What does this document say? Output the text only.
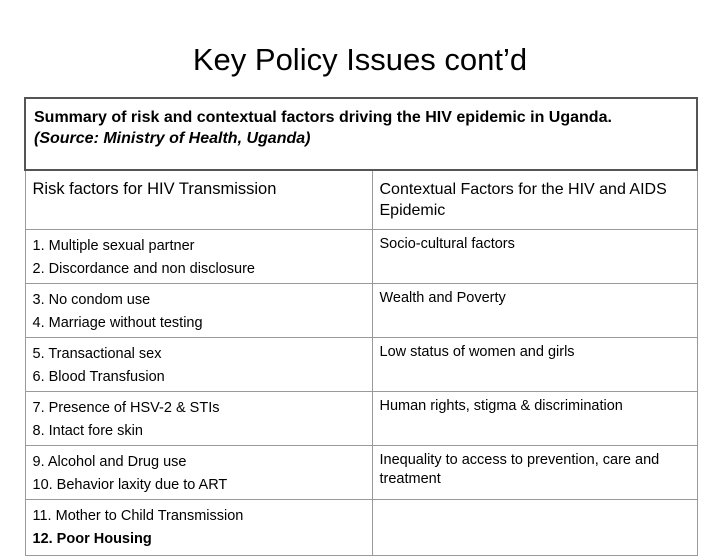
Key Policy Issues cont’d
Summary of risk and contextual factors driving the HIV epidemic in Uganda.
(Source: Ministry of Health, Uganda)	

Risk factors for HIV Transmission	Contextual Factors for the HIV and AIDS Epidemic

1. Multiple sexual partner
2. Discordance and non disclosure	Socio-cultural factors

3. No condom use
4. Marriage without testing	Wealth and Poverty

5. Transactional sex
6. Blood Transfusion	Low status of women and girls

7. Presence of HSV-2 & STIs
8. Intact fore skin	Human rights, stigma & discrimination

9. Alcohol and Drug use
10. Behavior laxity due to ART	Inequality to access to prevention, care and treatment

11. Mother to Child Transmission
12. Poor Housing	
